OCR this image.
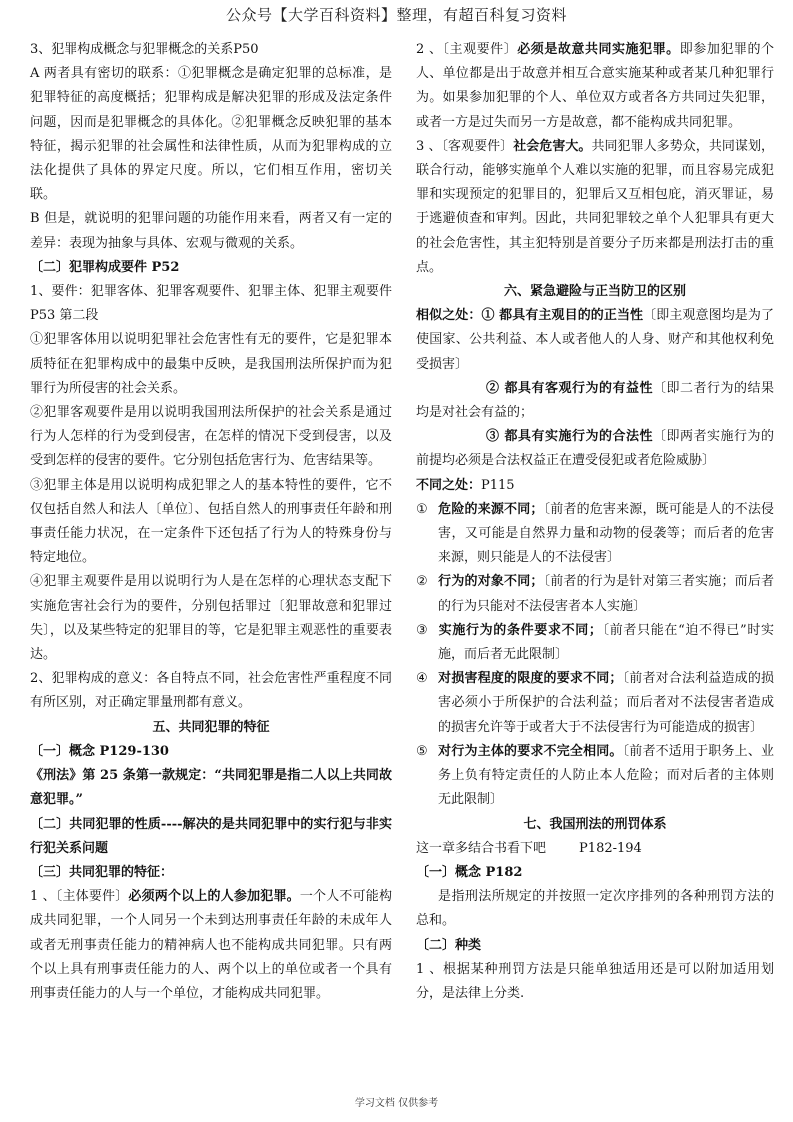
公众号【大学百科资料】整理，有超百科复习资料

3、犯罪构成概念与犯罪概念的关系P50

A 两者具有密切的联系：①犯罪概念是确定犯罪的总标准，是犯罪特征的高度概括；犯罪构成是解决犯罪的形成及法定条件问题，因而是犯罪概念的具体化。②犯罪概念反映犯罪的基本特征，揭示犯罪的社会属性和法律性质，从而为犯罪构成的立法化提供了具体的界定尺度。所以，它们相互作用，密切关联。

B 但是，就说明的犯罪问题的功能作用来看，两者又有一定的差异：表现为抽象与具体、宏观与微观的关系。

〔二〕犯罪构成要件 P52

1、要件：犯罪客体、犯罪客观要件、犯罪主体、犯罪主观要件 P53 第二段

①犯罪客体用以说明犯罪社会危害性有无的要件，它是犯罪本质特征在犯罪构成中的最集中反映，是我国刑法所保护而为犯罪行为所侵害的社会关系。

②犯罪客观要件是用以说明我国刑法所保护的社会关系是通过行为人怎样的行为受到侵害，在怎样的情况下受到侵害，以及受到怎样的侵害的要件。它分别包括危害行为、危害结果等。

③犯罪主体是用以说明构成犯罪之人的基本特性的要件，它不仅包括自然人和法人〔单位〕、包括自然人的刑事责任年龄和刑事责任能力状况，在一定条件下还包括了行为人的特殊身份与特定地位。

④犯罪主观要件是用以说明行为人是在怎样的心理状态支配下实施危害社会行为的要件，分别包括罪过〔犯罪故意和犯罪过失〕，以及某些特定的犯罪目的等，它是犯罪主观恶性的重要表达。

2、犯罪构成的意义：各自特点不同，社会危害性严重程度不同有所区别，对正确定罪量刑都有意义。

五、共同犯罪的特征

〔一〕概念 P129-130

《刑法》第 25 条第一款规定：“共同犯罪是指二人以上共同故意犯罪。”

〔二〕共同犯罪的性质----解决的是共同犯罪中的实行犯与非实行犯关系问题

〔三〕共同犯罪的特征：

1 、〔主体要件〕必须两个以上的人参加犯罪。一个人不可能构成共同犯罪，一个人同另一个未到达刑事责任年龄的未成年人或者无刑事责任能力的精神病人也不能构成共同犯罪。只有两个以上具有刑事责任能力的人、两个以上的单位或者一个具有刑事责任能力的人与一个单位，才能构成共同犯罪。

2 、〔主观要件〕必须是故意共同实施犯罪。即参加犯罪的个人、单位都是出于故意并相互合意实施某种或者某几种犯罪行为。如果参加犯罪的个人、单位双方或者各方共同过失犯罪，或者一方是过失而另一方是故意，都不能构成共同犯罪。

3 、〔客观要件〕社会危害大。共同犯罪人多势众，共同谋划，联合行动，能够实施单个人难以实施的犯罪，而且容易完成犯罪和实现预定的犯罪目的，犯罪后又互相包庇，消灭罪证，易于逃避侦查和审判。因此，共同犯罪较之单个人犯罪具有更大的社会危害性，其主犯特别是首要分子历来都是刑法打击的重点。

六、紧急避险与正当防卫的区别

相似之处：① 都具有主观目的的正当性〔即主观意图均是为了使国家、公共利益、本人或者他人的人身、财产和其他权利免受损害〕

② 都具有客观行为的有益性〔即二者行为的结果均是对社会有益的；

③ 都具有实施行为的合法性〔即两者实施行为的前提均必须是合法权益正在遭受侵犯或者危险威胁〕

不同之处：P115

① 危险的来源不同；〔前者的危害来源，既可能是人的不法侵害，又可能是自然界力量和动物的侵袭等；而后者的危害来源，则只能是人的不法侵害〕

② 行为的对象不同；〔前者的行为是针对第三者实施；而后者的行为只能对不法侵害者本人实施〕

③ 实施行为的条件要求不同；〔前者只能在“迫不得已”时实施，而后者无此限制〕

④ 对损害程度的限度的要求不同；〔前者对合法利益造成的损害必须小于所保护的合法利益；而后者对不法侵害者造成的损害允许等于或者大于不法侵害行为可能造成的损害〕

⑤ 对行为主体的要求不完全相同。〔前者不适用于职务上、业务上负有特定责任的人防止本人危险；而对后者的主体则无此限制〕

七、我国刑法的刑罚体系

这一章多结合书看下吧        P182-194

〔一〕概念 P182

是指刑法所规定的并按照一定次序排列的各种刑罚方法的总和。

〔二〕种类

1 、根据某种刑罚方法是只能单独适用还是可以附加适用划分，是法律上分类.

学习文档 仅供参考
